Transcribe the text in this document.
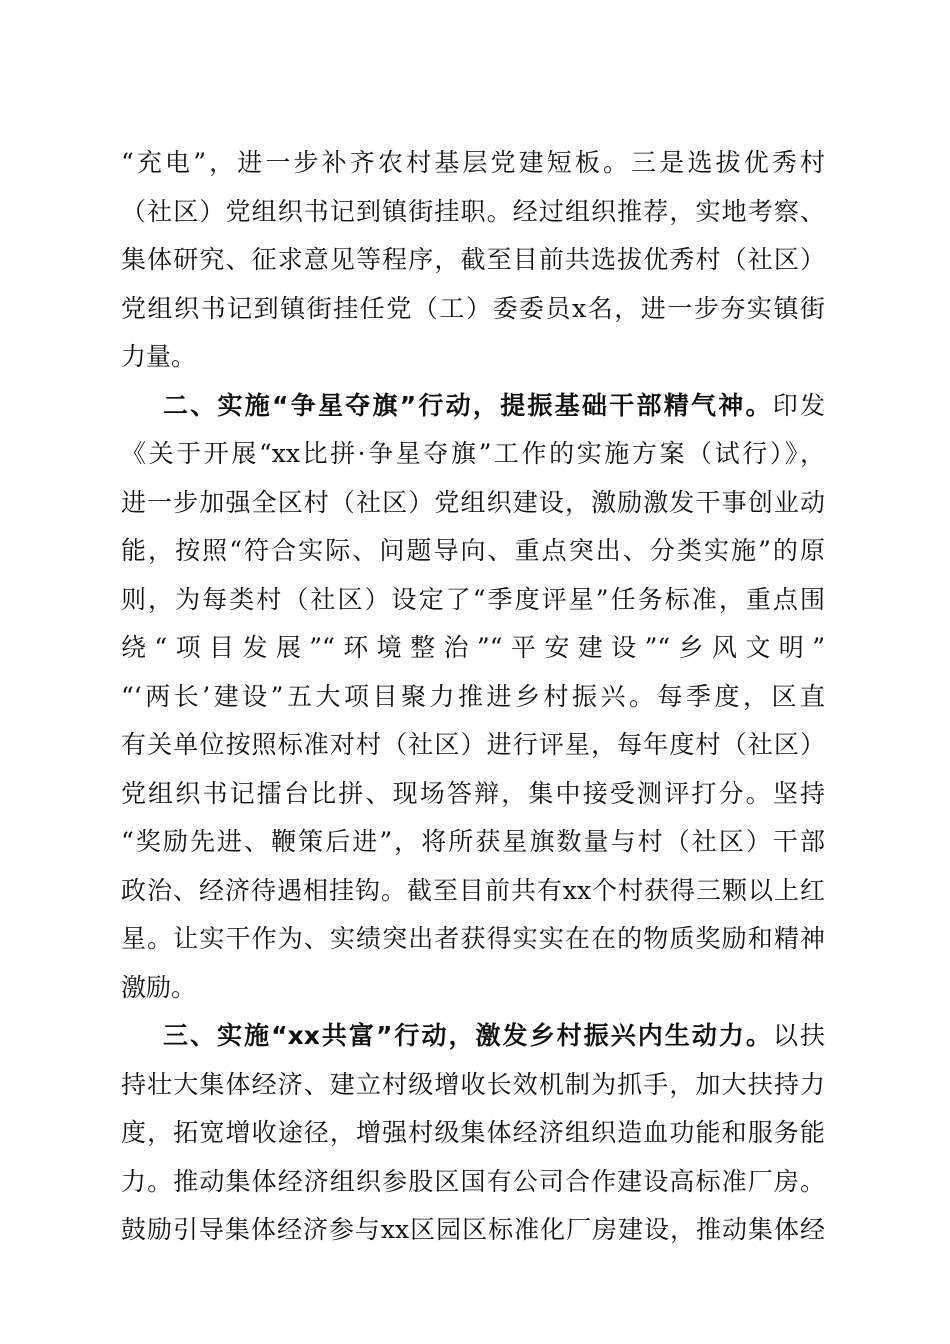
“充电”，进一步补齐农村基层党建短板。三是选拔优秀村
（社区）党组织书记到镇街挂职。经过组织推荐，实地考察、
集体研究、征求意见等程序，截至目前共选拔优秀村（社区）
党组织书记到镇街挂任党（工）委委员x名，进一步夯实镇街
力量。
二、实施“争星夺旗”行动，提振基础干部精气神。印发
《关于开展“xx比拼·争星夺旗”工作的实施方案（试行）》，
进一步加强全区村（社区）党组织建设，激励激发干事创业动
能，按照“符合实际、问题导向、重点突出、分类实施”的原
则，为每类村（社区）设定了“季度评星”任务标准，重点围
绕“项目发展”“环境整治”“平安建设”“乡风文明”
“‘两长’建设”五大项目聚力推进乡村振兴。每季度，区直
有关单位按照标准对村（社区）进行评星，每年度村（社区）
党组织书记擂台比拼、现场答辩，集中接受测评打分。坚持
“奖励先进、鞭策后进”，将所获星旗数量与村（社区）干部
政治、经济待遇相挂钩。截至目前共有xx个村获得三颗以上红
星。让实干作为、实绩突出者获得实实在在的物质奖励和精神
激励。
三、实施“xx共富”行动，激发乡村振兴内生动力。以扶
持壮大集体经济、建立村级增收长效机制为抓手，加大扶持力
度，拓宽增收途径，增强村级集体经济组织造血功能和服务能
力。推动集体经济组织参股区国有公司合作建设高标准厂房。
鼓励引导集体经济参与xx区园区标准化厂房建设，推动集体经
